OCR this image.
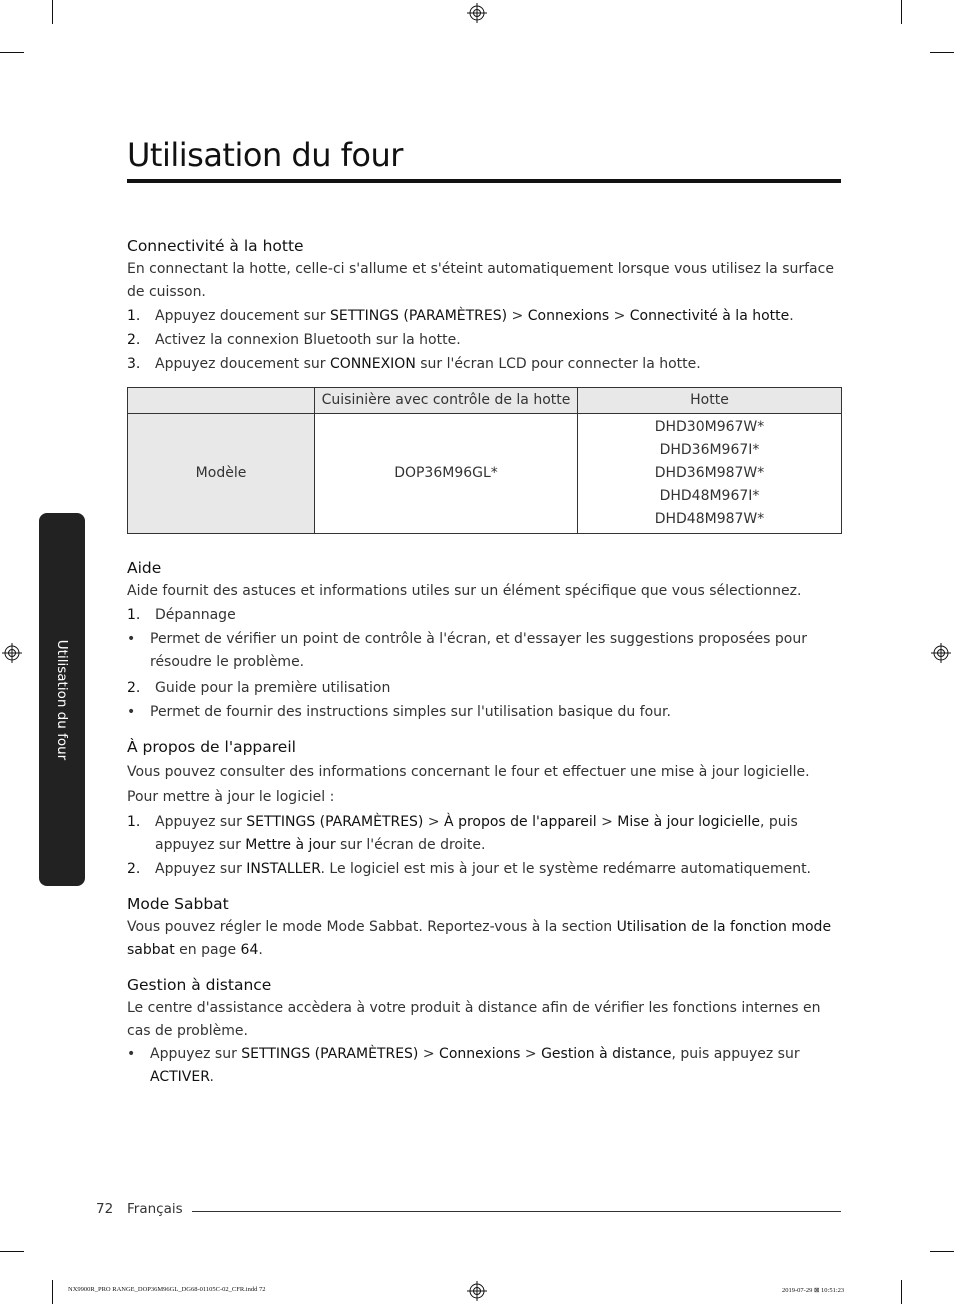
Utilisation du four
Utilisation du four
Connectivité à la hotte

En connectant la hotte, celle-ci s'allume et s'éteint automatiquement lorsque vous utilisez la surface de cuisson.

1. Appuyez doucement sur SETTINGS (PARAMÈTRES) > Connexions > Connectivité à la hotte.
2. Activez la connexion Bluetooth sur la hotte.
3. Appuyez doucement sur CONNEXION sur l'écran LCD pour connecter la hotte.
	Cuisinière avec contrôle de la hotte	Hotte
Modèle	DOP36M96GL*	DHD30M967W*
DHD36M967I*
DHD36M987W*
DHD48M967I*
DHD48M987W*
Aide

Aide fournit des astuces et informations utiles sur un élément spécifique que vous sélectionnez.

1. Dépannage
• Permet de vérifier un point de contrôle à l'écran, et d'essayer les suggestions proposées pour résoudre le problème.
2. Guide pour la première utilisation
• Permet de fournir des instructions simples sur l'utilisation basique du four.
À propos de l'appareil

Vous pouvez consulter des informations concernant le four et effectuer une mise à jour logicielle.

Pour mettre à jour le logiciel :

1. Appuyez sur SETTINGS (PARAMÈTRES) > À propos de l'appareil > Mise à jour logicielle, puis appuyez sur Mettre à jour sur l'écran de droite.
2. Appuyez sur INSTALLER. Le logiciel est mis à jour et le système redémarre automatiquement.
Mode Sabbat

Vous pouvez régler le mode Mode Sabbat. Reportez-vous à la section Utilisation de la fonction mode sabbat en page 64.

Gestion à distance

Le centre d'assistance accèdera à votre produit à distance afin de vérifier les fonctions internes en cas de problème.

• Appuyez sur SETTINGS (PARAMÈTRES) > Connexions > Gestion à distance, puis appuyez sur ACTIVER.
72 Français
NX9900R_PRO RANGE_DOP36M96GL_DG68-01105C-02_CFR.indd 72	2019-07-29 ⊠ 10:51:23
